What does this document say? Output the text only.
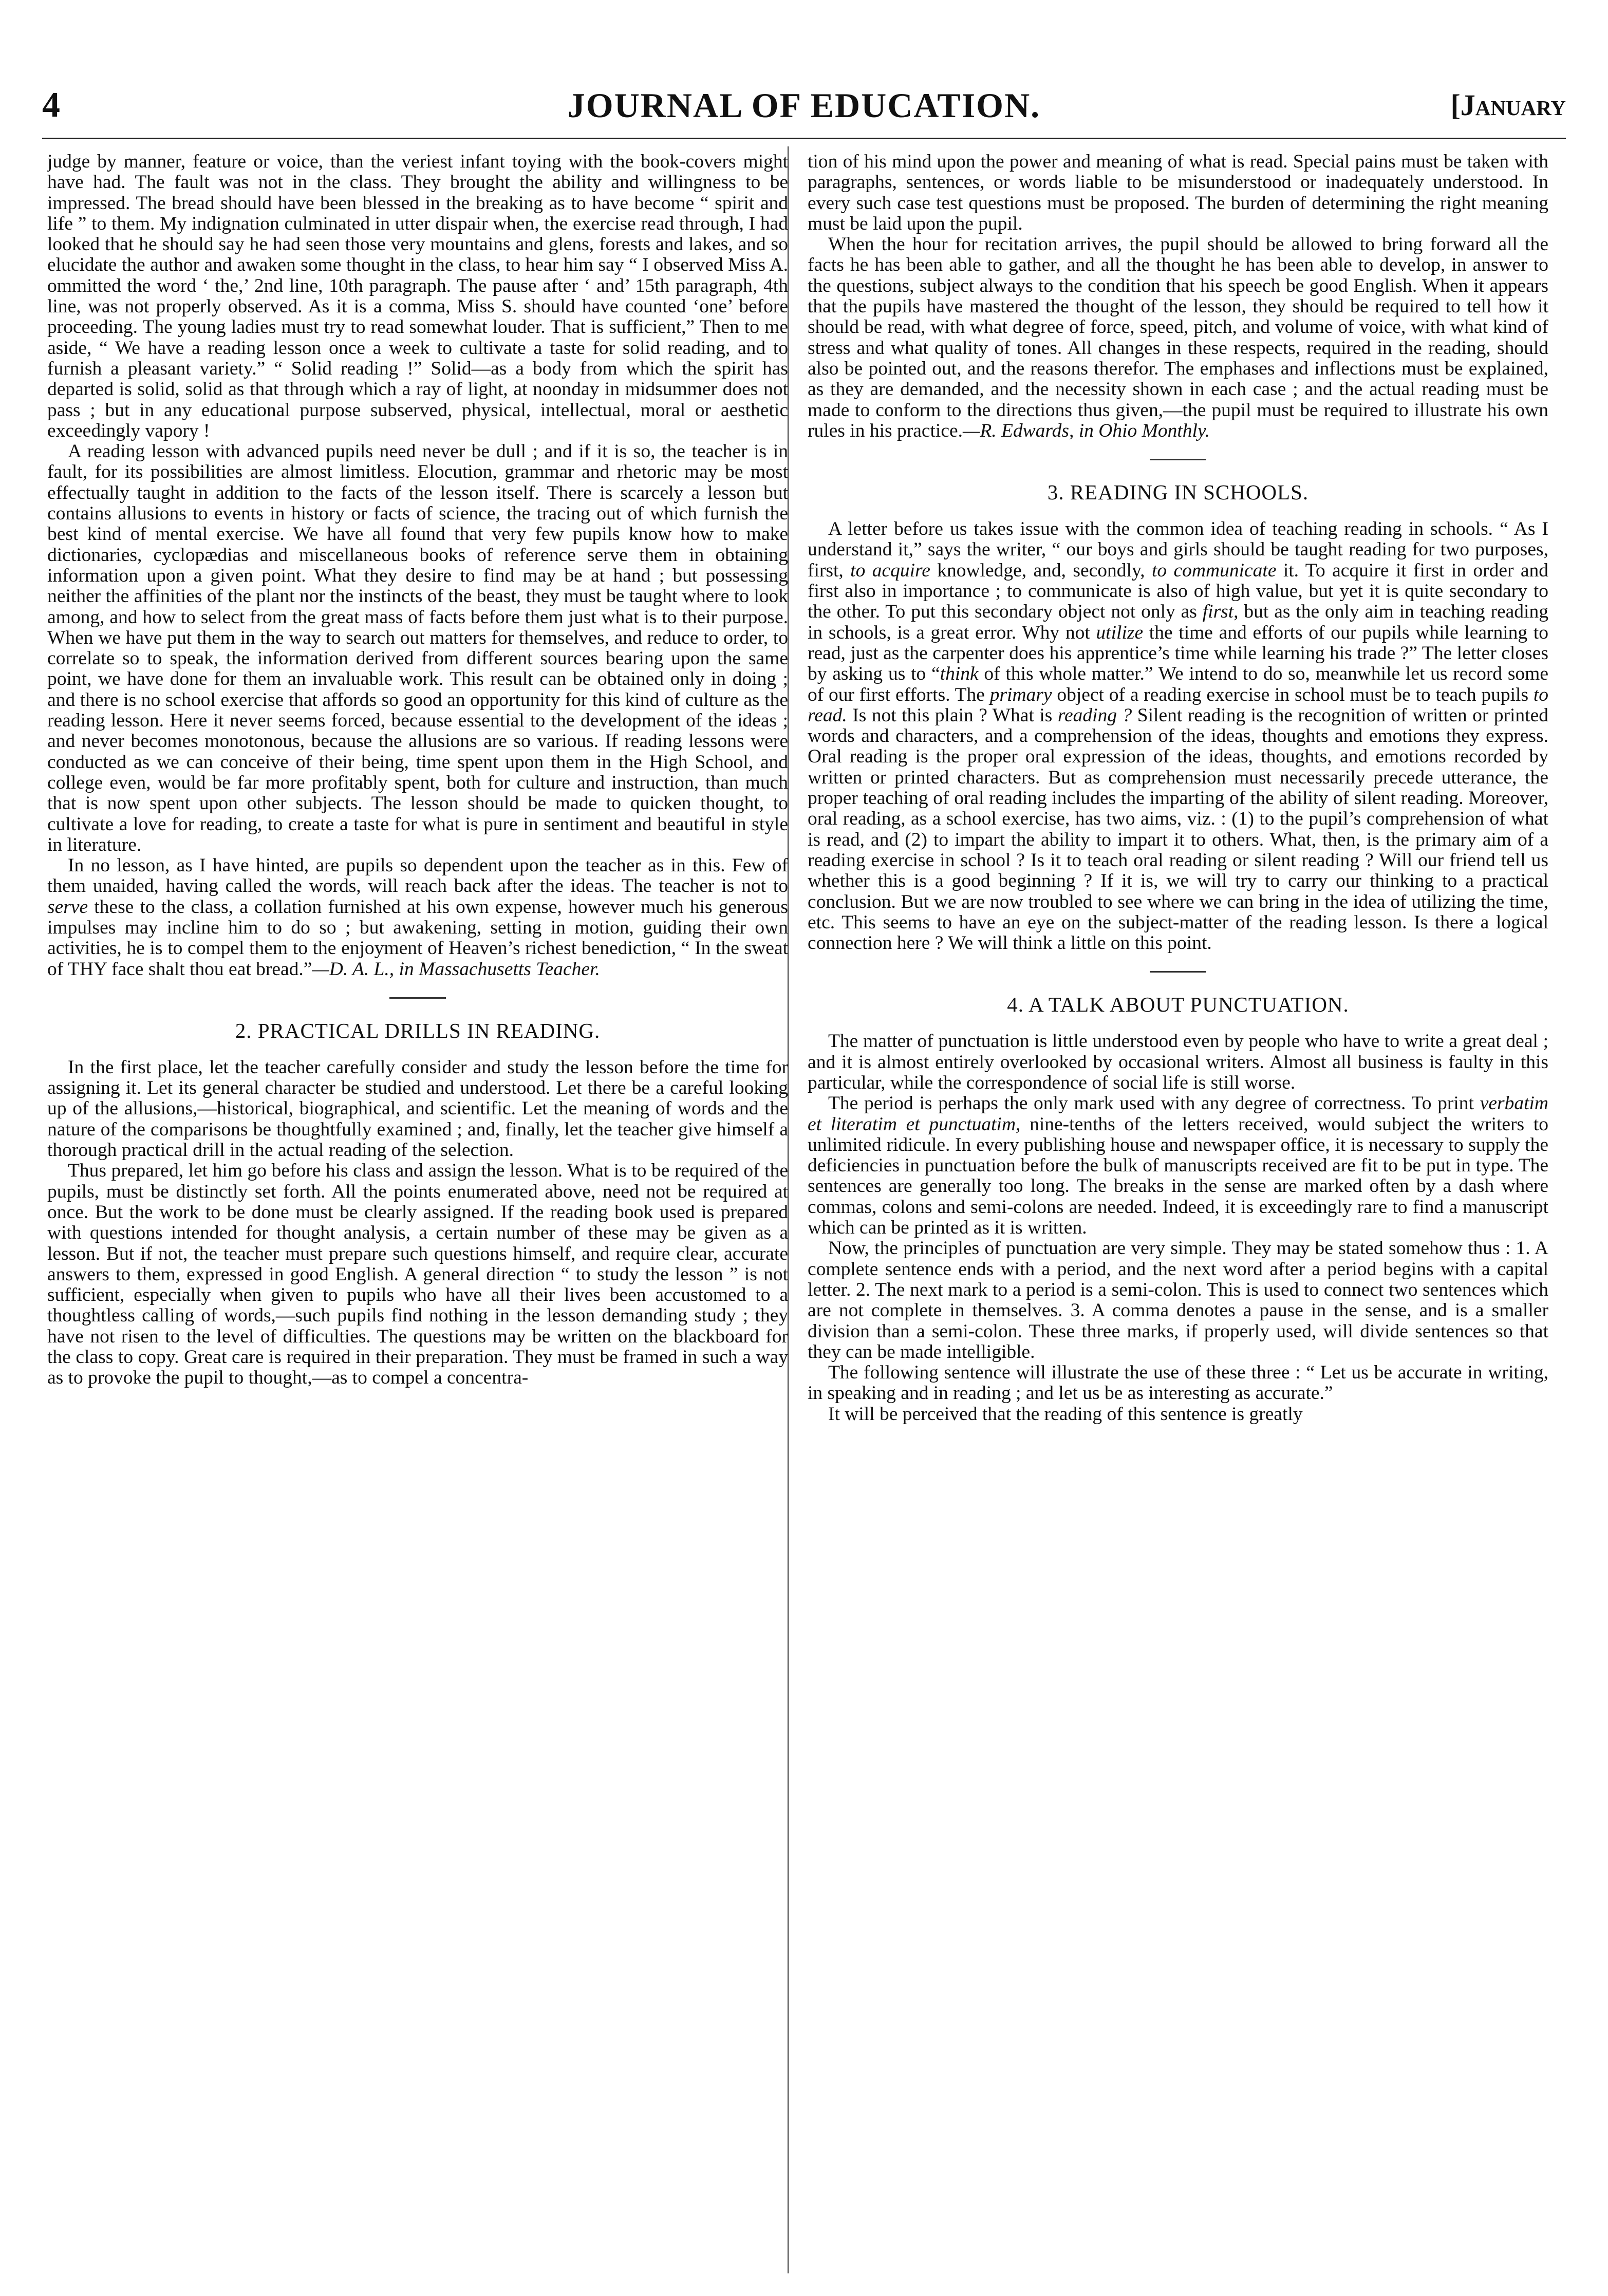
4	JOURNAL OF EDUCATION.	[January

judge by manner, feature or voice, than the veriest infant toying with the book-covers might have had. The fault was not in the class. They brought the ability and willingness to be impressed. The bread should have been blessed in the breaking as to have become “ spirit and life ” to them. My indignation culminated in utter dispair when, the exercise read through, I had looked that he should say he had seen those very mountains and glens, forests and lakes, and so elucidate the author and awaken some thought in the class, to hear him say “ I observed Miss A. ommitted the word ‘ the,’ 2nd line, 10th paragraph. The pause after ‘ and’ 15th paragraph, 4th line, was not properly observed. As it is a comma, Miss S. should have counted ‘one’ before proceeding. The young ladies must try to read somewhat louder. That is sufficient,” Then to me aside, “ We have a reading lesson once a week to cultivate a taste for solid reading, and to furnish a pleasant variety.” “ Solid reading !” Solid—as a body from which the spirit has departed is solid, solid as that through which a ray of light, at noonday in midsummer does not pass ; but in any educational purpose subserved, physical, intellectual, moral or aesthetic exceedingly vapory !

A reading lesson with advanced pupils need never be dull ; and if it is so, the teacher is in fault, for its possibilities are almost limitless. Elocution, grammar and rhetoric may be most effectually taught in addition to the facts of the lesson itself. There is scarcely a lesson but contains allusions to events in history or facts of science, the tracing out of which furnish the best kind of mental exercise. We have all found that very few pupils know how to make dictionaries, cyclopædias and miscellaneous books of reference serve them in obtaining information upon a given point. What they desire to find may be at hand ; but possessing neither the affinities of the plant nor the instincts of the beast, they must be taught where to look among, and how to select from the great mass of facts before them just what is to their purpose. When we have put them in the way to search out matters for themselves, and reduce to order, to correlate so to speak, the information derived from different sources bearing upon the same point, we have done for them an invaluable work. This result can be obtained only in doing ; and there is no school exercise that affords so good an opportunity for this kind of culture as the reading lesson. Here it never seems forced, because essential to the development of the ideas ; and never becomes monotonous, because the allusions are so various. If reading lessons were conducted as we can conceive of their being, time spent upon them in the High School, and college even, would be far more profitably spent, both for culture and instruction, than much that is now spent upon other subjects. The lesson should be made to quicken thought, to cultivate a love for reading, to create a taste for what is pure in sentiment and beautiful in style in literature.

In no lesson, as I have hinted, are pupils so dependent upon the teacher as in this. Few of them unaided, having called the words, will reach back after the ideas. The teacher is not to serve these to the class, a collation furnished at his own expense, however much his generous impulses may incline him to do so ; but awakening, setting in motion, guiding their own activities, he is to compel them to the enjoyment of Heaven’s richest benediction, “ In the sweat of THY face shalt thou eat bread.”—D. A. L., in Massachusetts Teacher.

2. PRACTICAL DRILLS IN READING.

In the first place, let the teacher carefully consider and study the lesson before the time for assigning it. Let its general character be studied and understood. Let there be a careful looking up of the allusions,—historical, biographical, and scientific. Let the meaning of words and the nature of the comparisons be thoughtfully examined ; and, finally, let the teacher give himself a thorough practical drill in the actual reading of the selection.

Thus prepared, let him go before his class and assign the lesson. What is to be required of the pupils, must be distinctly set forth. All the points enumerated above, need not be required at once. But the work to be done must be clearly assigned. If the reading book used is prepared with questions intended for thought analysis, a certain number of these may be given as a lesson. But if not, the teacher must prepare such questions himself, and require clear, accurate answers to them, expressed in good English. A general direction “ to study the lesson ” is not sufficient, especially when given to pupils who have all their lives been accustomed to a thoughtless calling of words,—such pupils find nothing in the lesson demanding study ; they have not risen to the level of difficulties. The questions may be written on the blackboard for the class to copy. Great care is required in their preparation. They must be framed in such a way as to provoke the pupil to thought,—as to compel a concentra-

tion of his mind upon the power and meaning of what is read. Special pains must be taken with paragraphs, sentences, or words liable to be misunderstood or inadequately understood. In every such case test questions must be proposed. The burden of determining the right meaning must be laid upon the pupil.

When the hour for recitation arrives, the pupil should be allowed to bring forward all the facts he has been able to gather, and all the thought he has been able to develop, in answer to the questions, subject always to the condition that his speech be good English. When it appears that the pupils have mastered the thought of the lesson, they should be required to tell how it should be read, with what degree of force, speed, pitch, and volume of voice, with what kind of stress and what quality of tones. All changes in these respects, required in the reading, should also be pointed out, and the reasons therefor. The emphases and inflections must be explained, as they are demanded, and the necessity shown in each case ; and the actual reading must be made to conform to the directions thus given,—the pupil must be required to illustrate his own rules in his practice.—R. Edwards, in Ohio Monthly.

3. READING IN SCHOOLS.

A letter before us takes issue with the common idea of teaching reading in schools. “ As I understand it,” says the writer, “ our boys and girls should be taught reading for two purposes, first, to acquire knowledge, and, secondly, to communicate it. To acquire it first in order and first also in importance ; to communicate is also of high value, but yet it is quite secondary to the other. To put this secondary object not only as first, but as the only aim in teaching reading in schools, is a great error. Why not utilize the time and efforts of our pupils while learning to read, just as the carpenter does his apprentice’s time while learning his trade ?” The letter closes by asking us to “think of this whole matter.” We intend to do so, meanwhile let us record some of our first efforts. The primary object of a reading exercise in school must be to teach pupils to read. Is not this plain ? What is reading ? Silent reading is the recognition of written or printed words and characters, and a comprehension of the ideas, thoughts and emotions they express. Oral reading is the proper oral expression of the ideas, thoughts, and emotions recorded by written or printed characters. But as comprehension must necessarily precede utterance, the proper teaching of oral reading includes the imparting of the ability of silent reading. Moreover, oral reading, as a school exercise, has two aims, viz. : (1) to the pupil’s comprehension of what is read, and (2) to impart the ability to impart it to others. What, then, is the primary aim of a reading exercise in school ? Is it to teach oral reading or silent reading ? Will our friend tell us whether this is a good beginning ? If it is, we will try to carry our thinking to a practical conclusion. But we are now troubled to see where we can bring in the idea of utilizing the time, etc. This seems to have an eye on the subject-matter of the reading lesson. Is there a logical connection here ? We will think a little on this point.

4. A TALK ABOUT PUNCTUATION.

The matter of punctuation is little understood even by people who have to write a great deal ; and it is almost entirely overlooked by occasional writers. Almost all business is faulty in this particular, while the correspondence of social life is still worse.

The period is perhaps the only mark used with any degree of correctness. To print verbatim et literatim et punctuatim, nine-tenths of the letters received, would subject the writers to unlimited ridicule. In every publishing house and newspaper office, it is necessary to supply the deficiencies in punctuation before the bulk of manuscripts received are fit to be put in type. The sentences are generally too long. The breaks in the sense are marked often by a dash where commas, colons and semi-colons are needed. Indeed, it is exceedingly rare to find a manuscript which can be printed as it is written.

Now, the principles of punctuation are very simple. They may be stated somehow thus : 1. A complete sentence ends with a period, and the next word after a period begins with a capital letter. 2. The next mark to a period is a semi-colon. This is used to connect two sentences which are not complete in themselves. 3. A comma denotes a pause in the sense, and is a smaller division than a semi-colon. These three marks, if properly used, will divide sentences so that they can be made intelligible.

The following sentence will illustrate the use of these three : “ Let us be accurate in writing, in speaking and in reading ; and let us be as interesting as accurate.”

It will be perceived that the reading of this sentence is greatly
